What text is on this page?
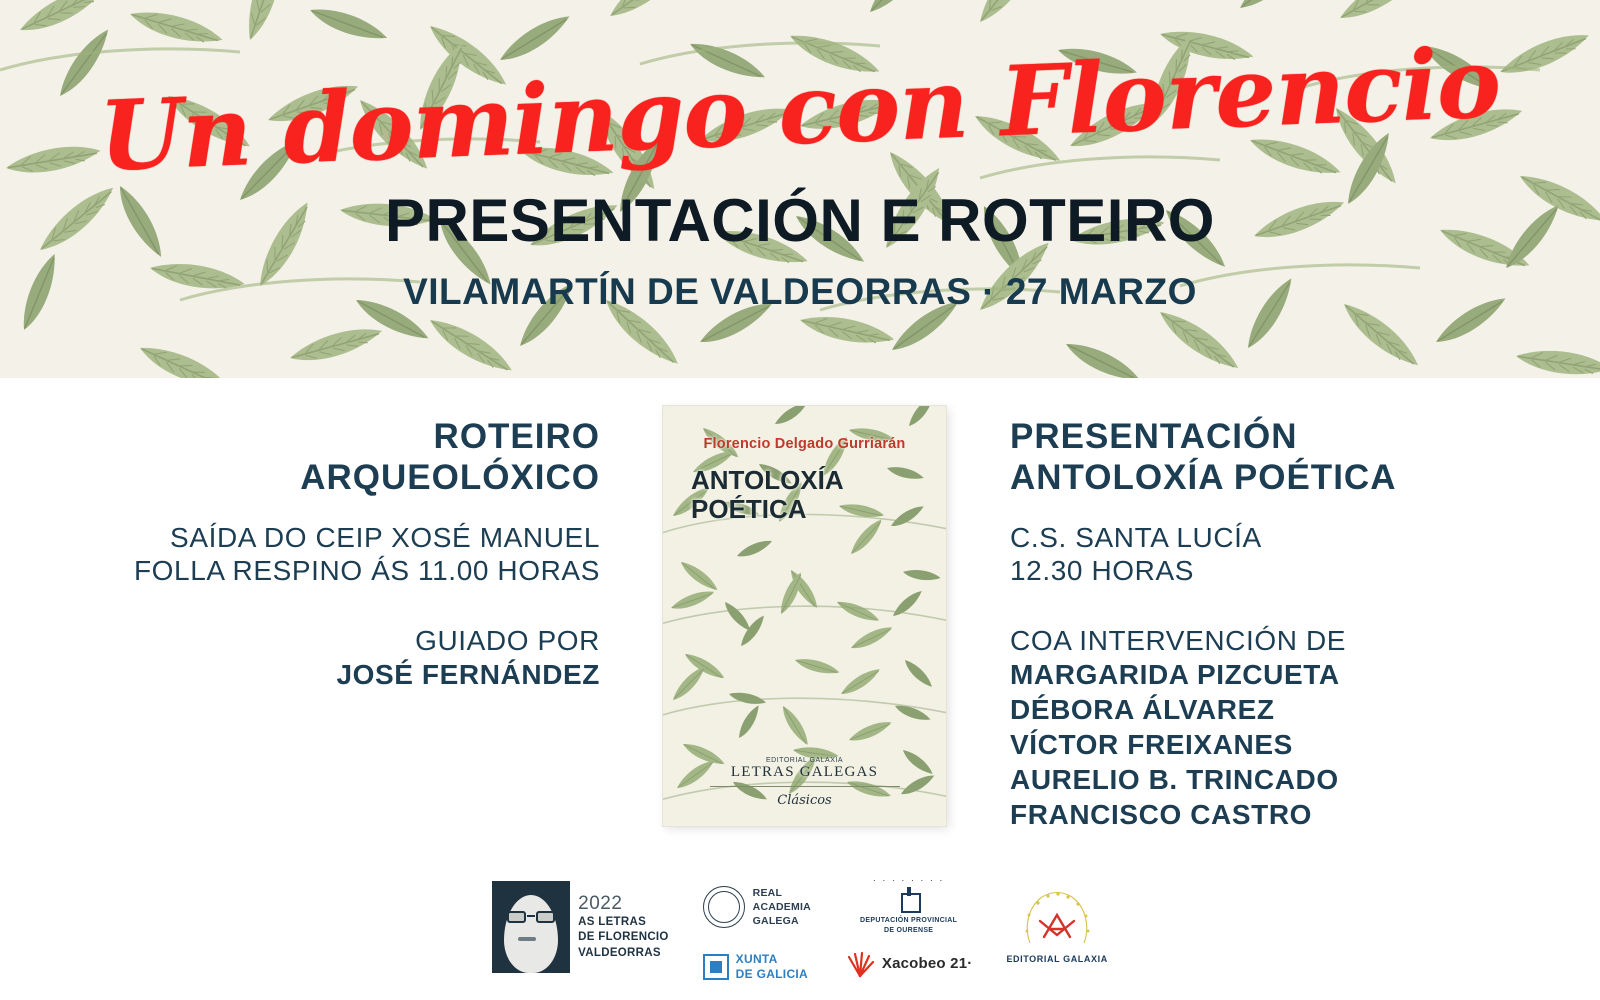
Un domingo con Florencio
PRESENTACIÓN E ROTEIRO
VILAMARTÍN DE VALDEORRAS · 27 MARZO
ROTEIRO
ARQUEOLÓXICO
SAÍDA DO CEIP XOSÉ MANUEL
FOLLA RESPINO ÁS 11.00 HORAS
GUIADO POR
JOSÉ FERNÁNDEZ
Florencio Delgado Gurriarán
ANTOLOXÍA
POÉTICA
EDITORIAL GALAXIA
LETRAS GALEGAS
Clásicos
PRESENTACIÓN
ANTOLOXÍA POÉTICA
C.S. SANTA LUCÍA
12.30 HORAS
COA INTERVENCIÓN DE
MARGARIDA PIZCUETA
DÉBORA ÁLVAREZ
VÍCTOR FREIXANES
AURELIO B. TRINCADO
FRANCISCO CASTRO
2022
AS LETRAS
DE FLORENCIO
VALDEORRAS
REAL
ACADEMIA
GALEGA
XUNTA
DE GALICIA
· · · · · · · ·
DEPUTACIÓN PROVINCIAL
DE OURENSE
Xacobeo 21·	EDITORIAL GALAXIA
